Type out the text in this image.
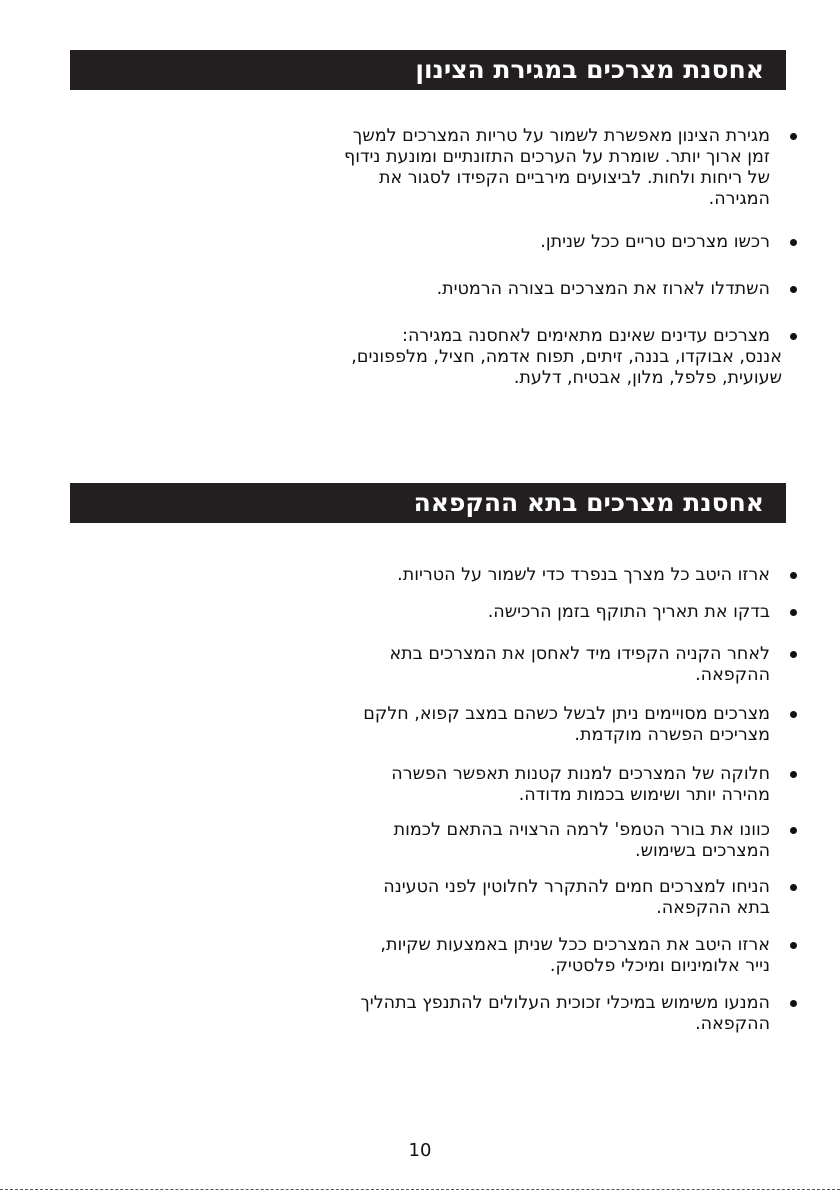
אחסנת מצרכים במגירת הצינון
מגירת הצינון מאפשרת לשמור על טריות המצרכים למשך
זמן ארוך יותר. שומרת על הערכים התזונתיים ומונעת נידוף
של ריחות ולחות. לביצועים מירביים הקפידו לסגור את
המגירה.
רכשו מצרכים טריים ככל שניתן.
השתדלו לארוז את המצרכים בצורה הרמטית.
מצרכים עדינים שאינם מתאימים לאחסנה במגירה:
אננס, אבוקדו, בננה, זיתים, תפוח אדמה, חציל, מלפפונים,
שעועית, פלפל, מלון, אבטיח, דלעת.
אחסנת מצרכים בתא ההקפאה
ארזו היטב כל מצרך בנפרד כדי לשמור על הטריות.
בדקו את תאריך התוקף בזמן הרכישה.
לאחר הקניה הקפידו מיד לאחסן את המצרכים בתא
ההקפאה.
מצרכים מסויימים ניתן לבשל כשהם במצב קפוא, חלקם
מצריכים הפשרה מוקדמת.
חלוקה של המצרכים למנות קטנות תאפשר הפשרה
מהירה יותר ושימוש בכמות מדודה.
כוונו את בורר הטמפ' לרמה הרצויה בהתאם לכמות
המצרכים בשימוש.
הניחו למצרכים חמים להתקרר לחלוטין לפני הטעינה
בתא ההקפאה.
ארזו היטב את המצרכים ככל שניתן באמצעות שקיות,
נייר אלומיניום ומיכלי פלסטיק.
המנעו משימוש במיכלי זכוכית העלולים להתנפץ בתהליך
ההקפאה.
10
